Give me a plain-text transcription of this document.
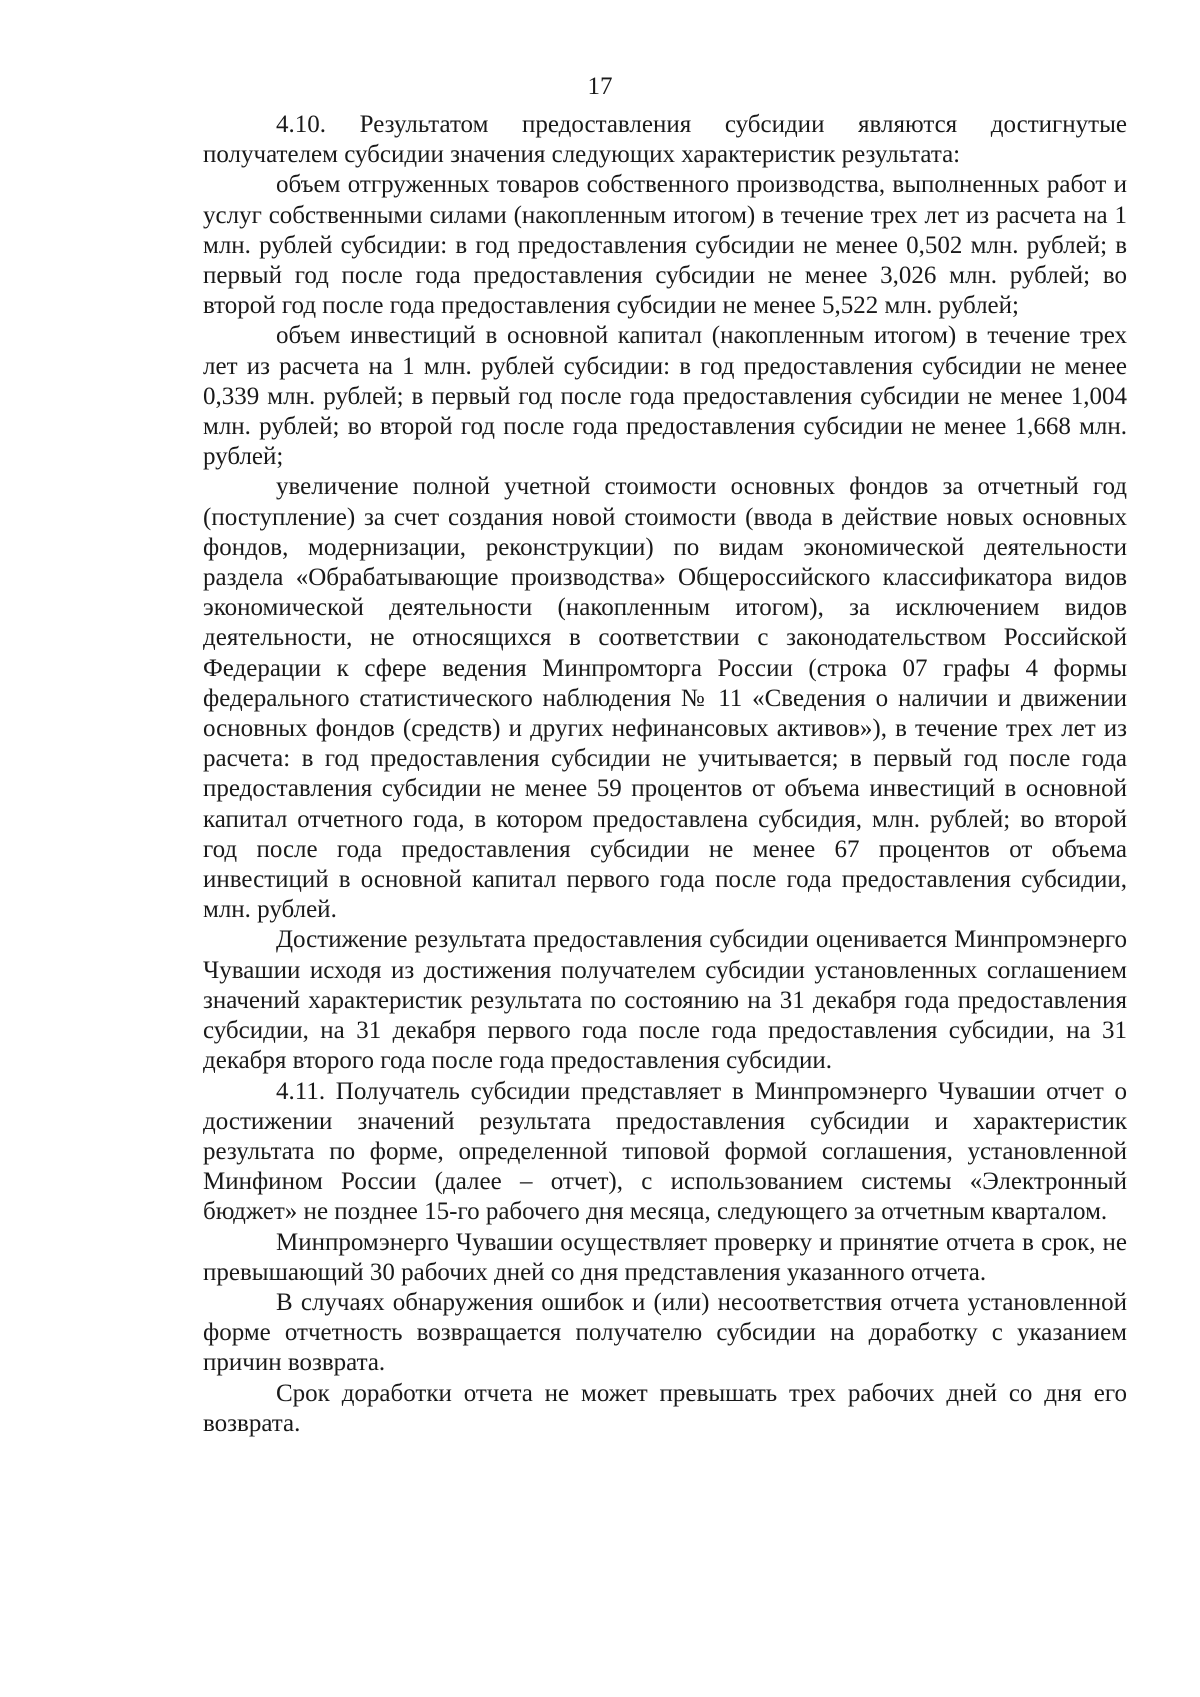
17

4.10. Результатом предоставления субсидии являются достигнутые получателем субсидии значения следующих характеристик результата:

объем отгруженных товаров собственного производства, выполненных работ и услуг собственными силами (накопленным итогом) в течение трех лет из расчета на 1 млн. рублей субсидии: в год предоставления субсидии не менее 0,502 млн. рублей; в первый год после года предоставления субсидии не менее 3,026 млн. рублей; во второй год после года предоставления субсидии не менее 5,522 млн. рублей;

объем инвестиций в основной капитал (накопленным итогом) в течение трех лет из расчета на 1 млн. рублей субсидии: в год предоставления субсидии не менее 0,339 млн. рублей; в первый год после года предоставления субсидии не менее 1,004 млн. рублей; во второй год после года предоставления субсидии не менее 1,668 млн. рублей;

увеличение полной учетной стоимости основных фондов за отчетный год (поступление) за счет создания новой стоимости (ввода в действие новых основных фондов, модернизации, реконструкции) по видам экономической деятельности раздела «Обрабатывающие производства» Общероссийского классификатора видов экономической деятельности (накопленным итогом), за исключением видов деятельности, не относящихся в соответствии с законодательством Российской Федерации к сфере ведения Минпромторга России (строка 07 графы 4 формы федерального статистического наблюдения № 11 «Сведения о наличии и движении основных фондов (средств) и других нефинансовых активов»), в течение трех лет из расчета: в год предоставления субсидии не учитывается; в первый год после года предоставления субсидии не менее 59 процентов от объема инвестиций в основной капитал отчетного года, в котором предоставлена субсидия, млн. рублей; во второй год после года предоставления субсидии не менее 67 процентов от объема инвестиций в основной капитал первого года после года предоставления субсидии, млн. рублей.

Достижение результата предоставления субсидии оценивается Минпромэнерго Чувашии исходя из достижения получателем субсидии установленных соглашением значений характеристик результата по состоянию на 31 декабря года предоставления субсидии, на 31 декабря первого года после года предоставления субсидии, на 31 декабря второго года после года предоставления субсидии.

4.11. Получатель субсидии представляет в Минпромэнерго Чувашии отчет о достижении значений результата предоставления субсидии и характеристик результата по форме, определенной типовой формой соглашения, установленной Минфином России (далее – отчет), с использованием системы «Электронный бюджет» не позднее 15-го рабочего дня месяца, следующего за отчетным кварталом.

Минпромэнерго Чувашии осуществляет проверку и принятие отчета в срок, не превышающий 30 рабочих дней со дня представления указанного отчета.

В случаях обнаружения ошибок и (или) несоответствия отчета установленной форме отчетность возвращается получателю субсидии на доработку с указанием причин возврата.

Срок доработки отчета не может превышать трех рабочих дней со дня его возврата.
